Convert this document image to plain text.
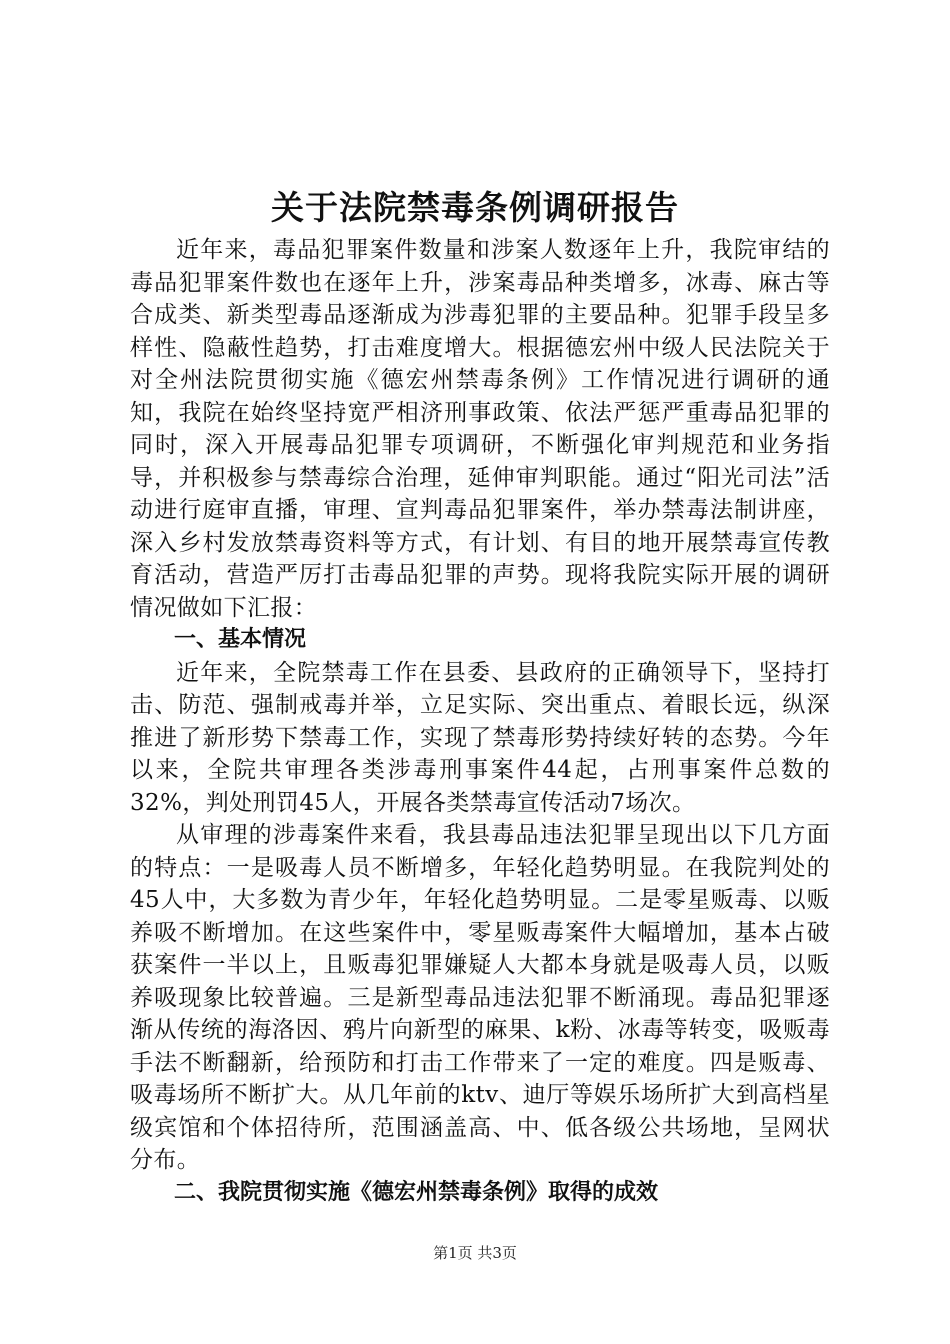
关于法院禁毒条例调研报告

近年来，毒品犯罪案件数量和涉案人数逐年上升，我院审结的毒品犯罪案件数也在逐年上升，涉案毒品种类增多，冰毒、麻古等合成类、新类型毒品逐渐成为涉毒犯罪的主要品种。犯罪手段呈多样性、隐蔽性趋势，打击难度增大。根据德宏州中级人民法院关于对全州法院贯彻实施《德宏州禁毒条例》工作情况进行调研的通知，我院在始终坚持宽严相济刑事政策、依法严惩严重毒品犯罪的同时，深入开展毒品犯罪专项调研，不断强化审判规范和业务指导，并积极参与禁毒综合治理，延伸审判职能。通过“阳光司法”活动进行庭审直播，审理、宣判毒品犯罪案件，举办禁毒法制讲座，深入乡村发放禁毒资料等方式，有计划、有目的地开展禁毒宣传教育活动，营造严厉打击毒品犯罪的声势。现将我院实际开展的调研情况做如下汇报：

一、基本情况

近年来，全院禁毒工作在县委、县政府的正确领导下，坚持打击、防范、强制戒毒并举，立足实际、突出重点、着眼长远，纵深推进了新形势下禁毒工作，实现了禁毒形势持续好转的态势。今年以来，全院共审理各类涉毒刑事案件44起，占刑事案件总数的32%，判处刑罚45人，开展各类禁毒宣传活动7场次。

从审理的涉毒案件来看，我县毒品违法犯罪呈现出以下几方面的特点：一是吸毒人员不断增多，年轻化趋势明显。在我院判处的45人中，大多数为青少年，年轻化趋势明显。二是零星贩毒、以贩养吸不断增加。在这些案件中，零星贩毒案件大幅增加，基本占破获案件一半以上，且贩毒犯罪嫌疑人大都本身就是吸毒人员，以贩养吸现象比较普遍。三是新型毒品违法犯罪不断涌现。毒品犯罪逐渐从传统的海洛因、鸦片向新型的麻果、k粉、冰毒等转变，吸贩毒手法不断翻新，给预防和打击工作带来了一定的难度。四是贩毒、吸毒场所不断扩大。从几年前的ktv、迪厅等娱乐场所扩大到高档星级宾馆和个体招待所，范围涵盖高、中、低各级公共场地，呈网状分布。

二、我院贯彻实施《德宏州禁毒条例》取得的成效
第1页 共3页
